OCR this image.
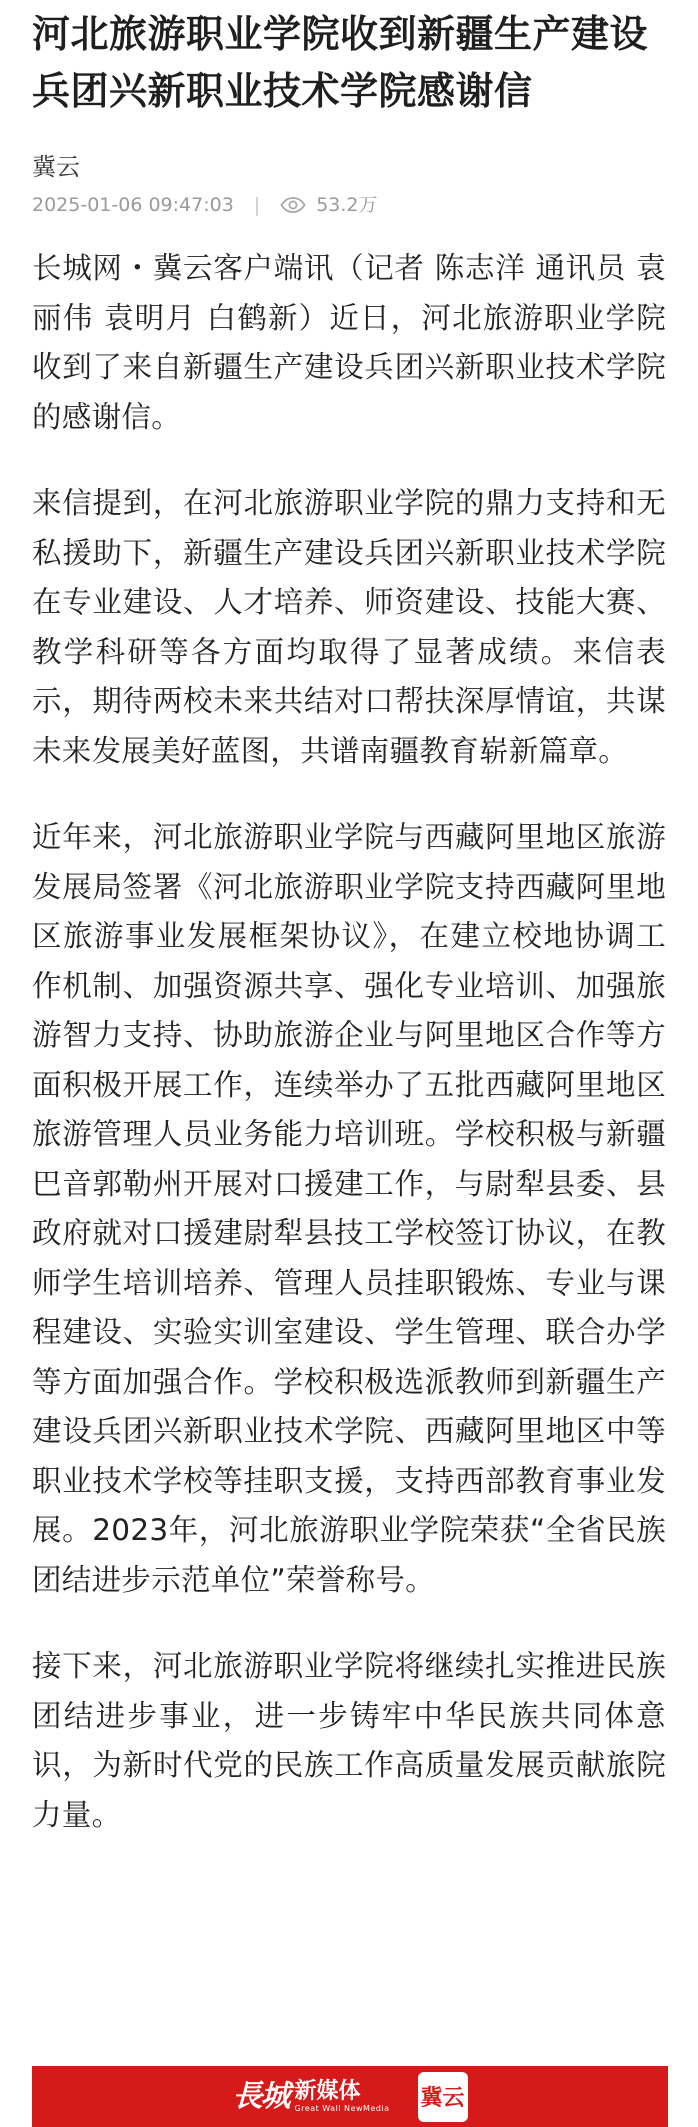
河北旅游职业学院收到新疆生产建设兵团兴新职业技术学院感谢信
冀云
2025-01-06 09:47:03 |	53.2万

长城网・冀云客户端讯（记者 陈志洋 通讯员 袁丽伟 袁明月 白鹤新）近日，河北旅游职业学院收到了来自新疆生产建设兵团兴新职业技术学院的感谢信。

来信提到，在河北旅游职业学院的鼎力支持和无私援助下，新疆生产建设兵团兴新职业技术学院在专业建设、人才培养、师资建设、技能大赛、教学科研等各方面均取得了显著成绩。来信表示，期待两校未来共结对口帮扶深厚情谊，共谋未来发展美好蓝图，共谱南疆教育崭新篇章。

近年来，河北旅游职业学院与西藏阿里地区旅游发展局签署《河北旅游职业学院支持西藏阿里地区旅游事业发展框架协议》，在建立校地协调工作机制、加强资源共享、强化专业培训、加强旅游智力支持、协助旅游企业与阿里地区合作等方面积极开展工作，连续举办了五批西藏阿里地区旅游管理人员业务能力培训班。学校积极与新疆巴音郭勒州开展对口援建工作，与尉犁县委、县政府就对口援建尉犁县技工学校签订协议，在教师学生培训培养、管理人员挂职锻炼、专业与课程建设、实验实训室建设、学生管理、联合办学等方面加强合作。学校积极选派教师到新疆生产建设兵团兴新职业技术学院、西藏阿里地区中等职业技术学校等挂职支援，支持西部教育事业发展。2023年，河北旅游职业学院荣获“全省民族团结进步示范单位”荣誉称号。

接下来，河北旅游职业学院将继续扎实推进民族团结进步事业，进一步铸牢中华民族共同体意识，为新时代党的民族工作高质量发展贡献旅院力量。

長城 新媒体
Great Wall NewMedia 冀云
